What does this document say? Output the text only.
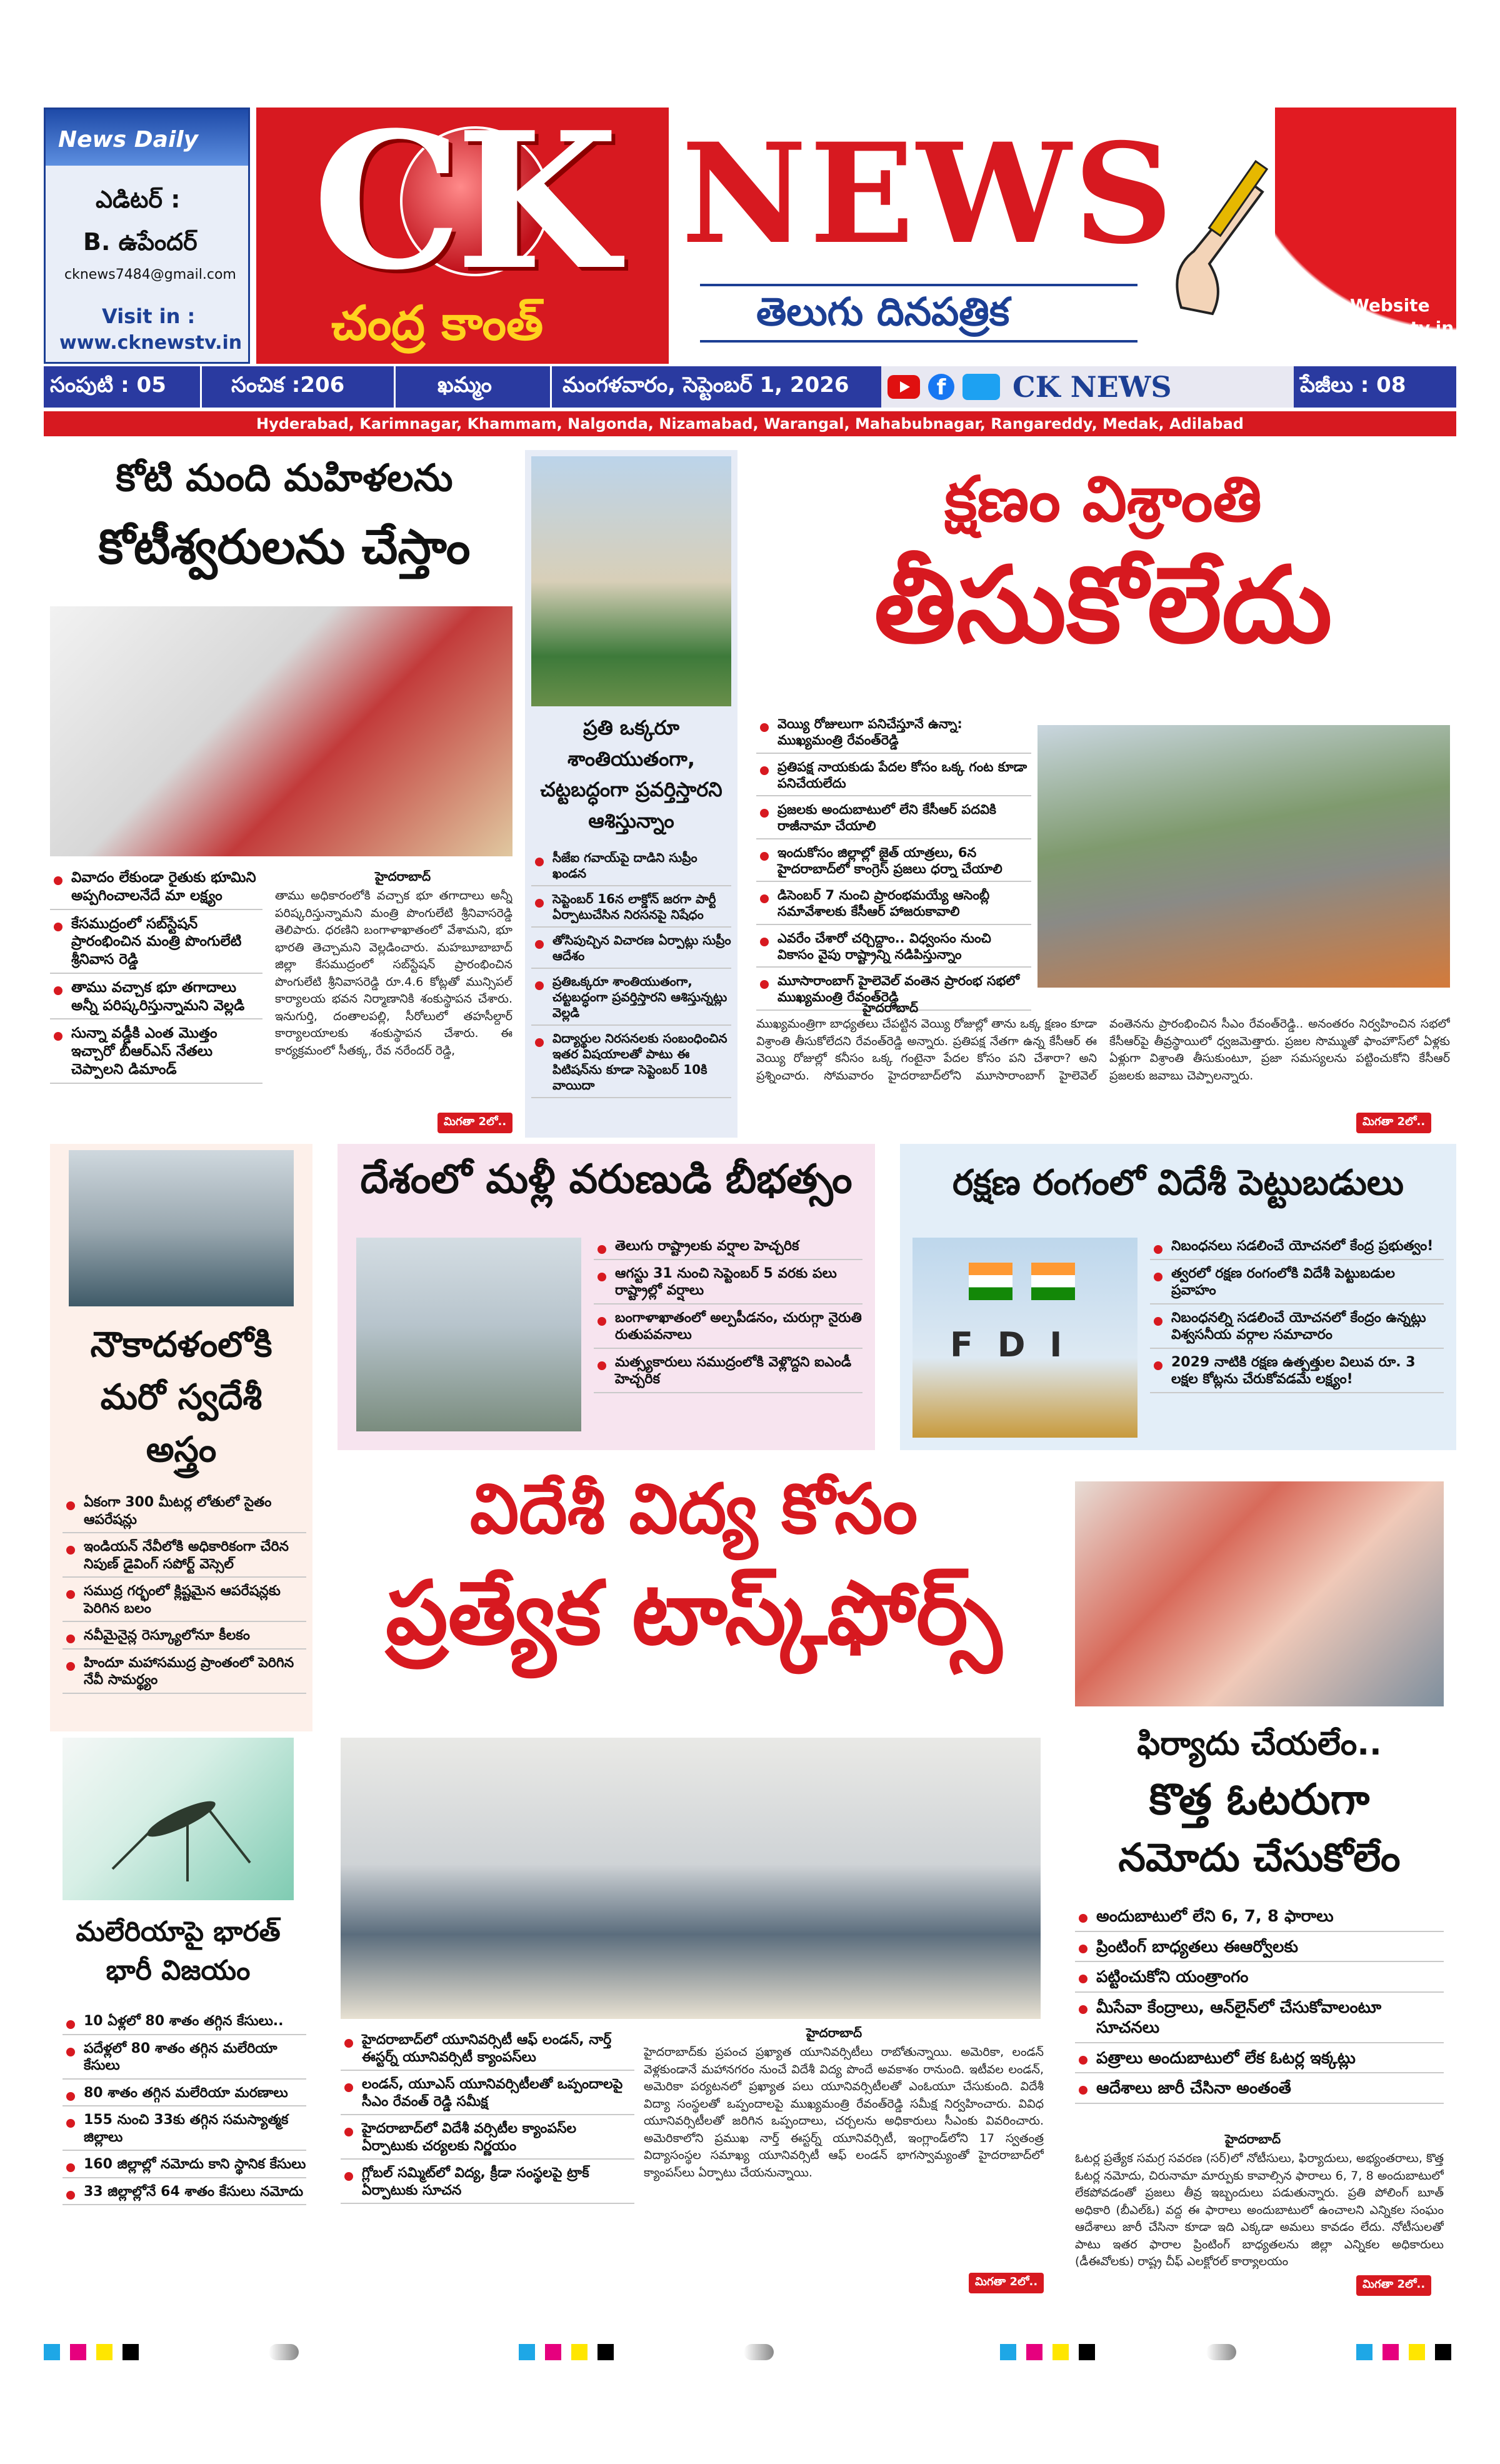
News Daily
ఎడిటర్ :
B. ఉపేందర్
cknews7484@gmail.com
Visit in :
www.cknewstv.in
CK
చంద్ర కాంత్
NEWS
తెలుగు దినపత్రిక	Website
cknewstv.in
సంపుటి : 05	సంచిక :206	ఖమ్మం	మంగళవారం, సెప్టెంబర్ 1, 2026	f CK NEWS	పేజీలు : 08
Hyderabad, Karimnagar, Khammam, Nalgonda, Nizamabad, Warangal, Mahabubnagar, Rangareddy, Medak, Adilabad
కోటి మంది మహిళలను
కోటీశ్వరులను చేస్తాం
వివాదం లేకుండా రైతుకు భూమిని అప్పగించాలనేదే మా లక్ష్యం
కేసముద్రంలో సబ్‌స్టేషన్ ప్రారంభించిన మంత్రి పొంగులేటి శ్రీనివాస రెడ్డి
తాము వచ్చాక భూ తగాదాలు అన్నీ పరిష్కరిస్తున్నామని వెల్లడి
సున్నా వడ్డీకి ఎంత మొత్తం ఇచ్చారో బీఆర్ఎస్ నేతలు చెప్పాలని డిమాండ్
హైదరాబాద్
తాము అధికారంలోకి వచ్చాక భూ తగాదాలు అన్నీ పరిష్కరిస్తున్నామని మంత్రి పొంగులేటి శ్రీనివాసరెడ్డి తెలిపారు. ధరణిని బంగాళాఖాతంలో వేశామని, భూ భారతి తెచ్చామని వెల్లడించారు. మహబూబాబాద్ జిల్లా కేసముద్రంలో సబ్‌స్టేషన్ ప్రారంభించిన పొంగులేటి శ్రీనివాసరెడ్డి రూ.4.6 కోట్లతో మున్సిపల్ కార్యాలయ భవన నిర్మాణానికి శంకుస్థాపన చేశారు. ఇనుగుర్తి, దంతాలపల్లి, సీరోలులో తహసీల్దార్ కార్యాలయాలకు శంకుస్థాపన చేశారు. ఈ కార్యక్రమంలో సీతక్క, రేవ నరేందర్ రెడ్డి,
మిగతా 2లో..
ప్రతి ఒక్కరూ శాంతియుతంగా, చట్టబద్ధంగా ప్రవర్తిస్తారని ఆశిస్తున్నాం
సీజేఐ గవాయ్‌పై దాడిని సుప్రీం ఖండన
సెప్టెంబర్ 16న లాక్డోన్ జరగా పార్టీ ఏర్పాటుచేసిన నిరసనపై నిషేధం
తోసిపుచ్చిన విచారణ ఏర్పాట్లు సుప్రీం ఆదేశం
ప్రతిఒక్కరూ శాంతియుతంగా, చట్టబద్ధంగా ప్రవర్తిస్తారని ఆశిస్తున్నట్లు వెల్లడి
విద్యార్థుల నిరసనలకు సంబంధించిన ఇతర విషయాలతో పాటు ఈ పిటిషన్‌ను కూడా సెప్టెంబర్ 10కి వాయిదా
క్షణం విశ్రాంతి
తీసుకోలేదు
వెయ్యి రోజులుగా పనిచేస్తూనే ఉన్నా: ముఖ్యమంత్రి రేవంత్‌రెడ్డి
ప్రతిపక్ష నాయకుడు పేదల కోసం ఒక్క గంట కూడా పనిచేయలేదు
ప్రజలకు అందుబాటులో లేని కేసీఆర్ పదవికి రాజీనామా చేయాలి
ఇందుకోసం జిల్లాల్లో జైత్ యాత్రలు, 6న హైదరాబాద్‌లో కాంగ్రెస్ ప్రజలు ధర్నా చేయాలి
డిసెంబర్ 7 నుంచి ప్రారంభమయ్యే ఆసెంబ్లీ సమావేశాలకు కేసీఆర్ హాజరుకావాలి
ఎవరేం చేశారో చర్చిద్దాం.. విధ్వంసం నుంచి వికాసం వైపు రాష్ట్రాన్ని నడిపిస్తున్నాం
మూసారాంబాగ్ హైలెవెల్ వంతెన ప్రారంభ సభలో ముఖ్యమంత్రి రేవంత్‌రెడ్డి
హైదరాబాద్
ముఖ్యమంత్రిగా బాధ్యతలు చేపట్టిన వెయ్యి రోజుల్లో తాను ఒక్క క్షణం కూడా విశ్రాంతి తీసుకోలేదని రేవంత్‌రెడ్డి అన్నారు. ప్రతిపక్ష నేతగా ఉన్న కేసీఆర్ ఈ వెయ్యి రోజుల్లో కనీసం ఒక్క గంటైనా పేదల కోసం పని చేశారా? అని ప్రశ్నించారు. సోమవారం హైదరాబాద్‌లోని మూసారాంబాగ్ హైలెవెల్ వంతెనను ప్రారంభించిన సీఎం రేవంత్‌రెడ్డి.. అనంతరం నిర్వహించిన సభలో కేసీఆర్‌పై తీవ్రస్థాయిలో ధ్వజమెత్తారు. ప్రజల సొమ్ముతో ఫాంహౌస్‌లో ఏళ్లకు ఏళ్లుగా విశ్రాంతి తీసుకుంటూ, ప్రజా సమస్యలను పట్టించుకోని కేసీఆర్ ప్రజలకు జవాబు చెప్పాలన్నారు.
మిగతా 2లో..
నౌకాదళంలోకి మరో స్వదేశీ అస్త్రం
ఏకంగా 300 మీటర్ల లోతులో సైతం ఆపరేషన్లు
ఇండియన్ నేవీలోకి అధికారికంగా చేరిన నిపుణ్ డైవింగ్ సపోర్ట్ వెస్సెల్
సముద్ర గర్భంలో క్లిష్టమైన ఆపరేషన్లకు పెరిగిన బలం
నవీమైనైన్ల రెస్క్యూలోనూ కీలకం
హిందూ మహాసముద్ర ప్రాంతంలో పెరిగిన నేవీ సామర్థ్యం
దేశంలో మళ్లీ వరుణుడి బీభత్సం
తెలుగు రాష్ట్రాలకు వర్షాల హెచ్చరిక
ఆగస్టు 31 నుంచి సెప్టెంబర్ 5 వరకు పలు రాష్ట్రాల్లో వర్షాలు
బంగాళాఖాతంలో అల్పపీడనం, చురుగ్గా నైరుతి రుతుపవనాలు
మత్స్యకారులు సముద్రంలోకి వెళ్లొద్దని ఐఎండీ హెచ్చరిక
రక్షణ రంగంలో విదేశీ పెట్టుబడులు
F D I
నిబంధనలు సడలించే యోచనలో కేంద్ర ప్రభుత్వం!
త్వరలో రక్షణ రంగంలోకి విదేశీ పెట్టుబడుల ప్రవాహం
నిబంధనల్ని సడలించే యోచనలో కేంద్రం ఉన్నట్లు విశ్వసనీయ వర్గాల సమాచారం
2029 నాటికి రక్షణ ఉత్పత్తుల విలువ రూ. 3 లక్షల కోట్లను చేరుకోవడమే లక్ష్యం!
విదేశీ విద్య కోసం
ప్రత్యేక టాస్క్‌ఫోర్స్
హైదరాబాద్‌లో యూనివర్సిటీ ఆఫ్ లండన్, నార్త్ ఈస్టర్న్ యూనివర్సిటీ క్యాంపస్‌లు
లండన్, యూఎస్ యూనివర్సిటీలతో ఒప్పందాలపై సీఎం రేవంత్ రెడ్డి సమీక్ష
హైదరాబాద్‌లో విదేశీ వర్సిటీల క్యాంపస్‌ల ఏర్పాటుకు చర్యలకు నిర్ణయం
గ్లోబల్ సమ్మిట్‌లో విద్య, క్రీడా సంస్థలపై ట్రాక్ ఏర్పాటుకు సూచన
హైదరాబాద్
హైదరాబాద్‌కు ప్రపంచ ప్రఖ్యాత యూనివర్సిటీలు రాబోతున్నాయి. అమెరికా, లండన్ వెళ్లకుండానే మహానగరం నుంచే విదేశీ విద్య పొందే అవకాశం రానుంది. ఇటీవల లండన్, అమెరికా పర్యటనలో ప్రఖ్యాత పలు యూనివర్సిటీలతో ఎంఓయూ చేసుకుంది. విదేశీ విద్యా సంస్థలతో ఒప్పందాలపై ముఖ్యమంత్రి రేవంత్‌రెడ్డి సమీక్ష నిర్వహించారు. వివిధ యూనివర్సిటీలతో జరిగిన ఒప్పందాలు, చర్చలను అధికారులు సీఎంకు వివరించారు. అమెరికాలోని ప్రముఖ నార్త్ ఈస్టర్న్ యూనివర్సిటీ, ఇంగ్లాండ్‌లోని 17 స్వతంత్ర విద్యాసంస్థల సమాఖ్య యూనివర్సిటీ ఆఫ్ లండన్ భాగస్వామ్యంతో హైదరాబాద్‌లో క్యాంపస్‌లు ఏర్పాటు చేయనున్నాయి.
మిగతా 2లో..
మలేరియాపై భారత్ భారీ విజయం
10 ఏళ్లలో 80 శాతం తగ్గిన కేసులు..
పదేళ్లలో 80 శాతం తగ్గిన మలేరియా కేసులు
80 శాతం తగ్గిన మలేరియా మరణాలు
155 నుంచి 33కు తగ్గిన సమస్యాత్మక జిల్లాలు
160 జిల్లాల్లో నమోదు కాని స్థానిక కేసులు
33 జిల్లాల్లోనే 64 శాతం కేసులు నమోదు
ఫిర్యాదు చేయలేం..
కొత్త ఓటరుగా
నమోదు చేసుకోలేం
అందుబాటులో లేని 6, 7, 8 ఫారాలు
ప్రింటింగ్ బాధ్యతలు ఈఆర్వోలకు
పట్టించుకోని యంత్రాంగం
మీసేవా కేంద్రాలు, ఆన్‌లైన్‌లో చేసుకోవాలంటూ సూచనలు
పత్రాలు అందుబాటులో లేక ఓటర్ల ఇక్కట్లు
ఆదేశాలు జారీ చేసినా అంతంతే
హైదరాబాద్
ఓటర్ల ప్రత్యేక సమగ్ర సవరణ (సర్)లో నోటీసులు, ఫిర్యాదులు, అభ్యంతరాలు, కొత్త ఓటర్ల నమోదు, చిరునామా మార్పుకు కావాల్సిన ఫారాలు 6, 7, 8 అందుబాటులో లేకపోవడంతో ప్రజలు తీవ్ర ఇబ్బందులు పడుతున్నారు. ప్రతి పోలింగ్ బూత్ అధికారి (బీఎల్ఓ) వద్ద ఈ ఫారాలు అందుబాటులో ఉంచాలని ఎన్నికల సంఘం ఆదేశాలు జారీ చేసినా కూడా ఇది ఎక్కడా అమలు కావడం లేదు. నోటీసులతో పాటు ఇతర ఫారాల ప్రింటింగ్ బాధ్యతలను జిల్లా ఎన్నికల అధికారులు (డీఈవోలకు) రాష్ట్ర చీఫ్ ఎలక్టోరల్ కార్యాలయం
మిగతా 2లో..
